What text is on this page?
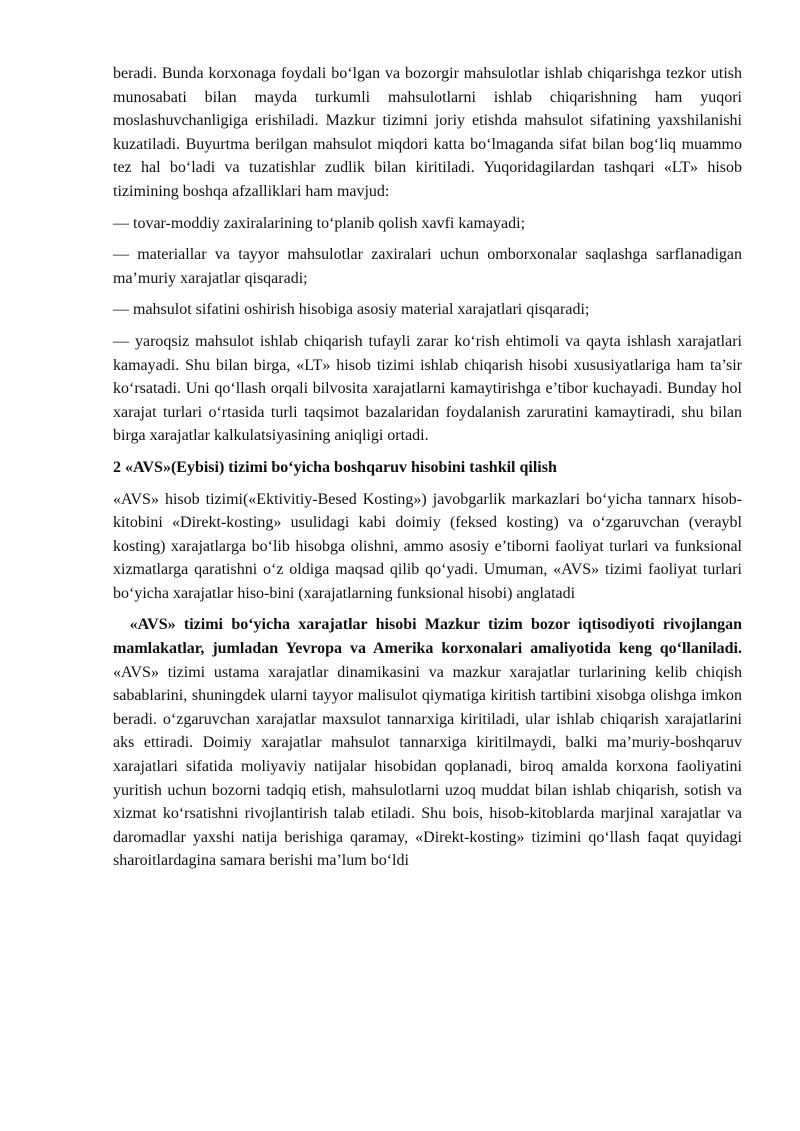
beradi. Bunda korxonaga foydali bo‘lgan va bozorgir mahsulotlar ishlab chiqarishga tezkor utish munosabati bilan mayda turkumli mahsulotlarni ishlab chiqarishning ham yuqori moslashuvchanligiga erishiladi. Mazkur tizimni joriy etishda mahsulot sifatining yaxshilanishi kuzatiladi. Buyurtma berilgan mahsulot miqdori katta bo‘lmaganda sifat bilan bog‘liq muammo tez hal bo‘ladi va tuzatishlar zudlik bilan kiritiladi. Yuqoridagilardan tashqari «LT» hisob tizimining boshqa afzalliklari ham mavjud:

— tovar-moddiy zaxiralarining to‘planib qolish xavfi kamayadi;

— materiallar va tayyor mahsulotlar zaxiralari uchun omborxonalar saqlashga sarflanadigan ma’muriy xarajatlar qisqaradi;

— mahsulot sifatini oshirish hisobiga asosiy material xarajatlari qisqaradi;

— yaroqsiz mahsulot ishlab chiqarish tufayli zarar ko‘rish ehtimoli va qayta ishlash xarajatlari kamayadi. Shu bilan birga, «LT» hisob tizimi ishlab chiqarish hisobi xususiyatlariga ham ta’sir ko‘rsatadi. Uni qo‘llash orqali bilvosita xarajatlarni kamaytirishga e’tibor kuchayadi. Bunday hol xarajat turlari o‘rtasida turli taqsimot bazalaridan foydalanish zaruratini kamaytiradi, shu bilan birga xarajatlar kalkulatsiyasining aniqligi ortadi.

2 «AVS»(Eybisi) tizimi bo‘yicha boshqaruv hisobini tashkil qilish

«AVS» hisob tizimi(«Ektivitiy-Besed Kosting») javobgarlik markazlari bo‘yicha tannarx hisob-kitobini «Direkt-kosting» usulidagi kabi doimiy (feksed kosting) va o‘zgaruvchan (veraybl kosting) xarajatlarga bo‘lib hisobga olishni, ammo asosiy e’tiborni faoliyat turlari va funksional xizmatlarga qaratishni o‘z oldiga maqsad qilib qo‘yadi. Umuman, «AVS» tizimi faoliyat turlari bo‘yicha xarajatlar hiso-bini (xarajatlarning funksional hisobi) anglatadi

«AVS» tizimi bo‘yicha xarajatlar hisobi Mazkur tizim bozor iqtisodiyoti rivojlangan mamlakatlar, jumladan Yevropa va Amerika korxonalari amaliyotida keng qo‘llaniladi. «AVS» tizimi ustama xarajatlar dinamikasini va mazkur xarajatlar turlarining kelib chiqish sabablarini, shuningdek ularni tayyor malisulot qiymatiga kiritish tartibini xisobga olishga imkon beradi. o‘zgaruvchan xarajatlar maxsulot tannarxiga kiritiladi, ular ishlab chiqarish xarajatlarini aks ettiradi. Doimiy xarajatlar mahsulot tannarxiga kiritilmaydi, balki ma’muriy-boshqaruv xarajatlari sifatida moliyaviy natijalar hisobidan qoplanadi, biroq amalda korxona faoliyatini yuritish uchun bozorni tadqiq etish, mahsulotlarni uzoq muddat bilan ishlab chiqarish, sotish va xizmat ko‘rsatishni rivojlantirish talab etiladi. Shu bois, hisob-kitoblarda marjinal xarajatlar va daromadlar yaxshi natija berishiga qaramay, «Direkt-kosting» tizimini qo‘llash faqat quyidagi sharoitlardagina samara berishi ma’lum bo‘ldi
